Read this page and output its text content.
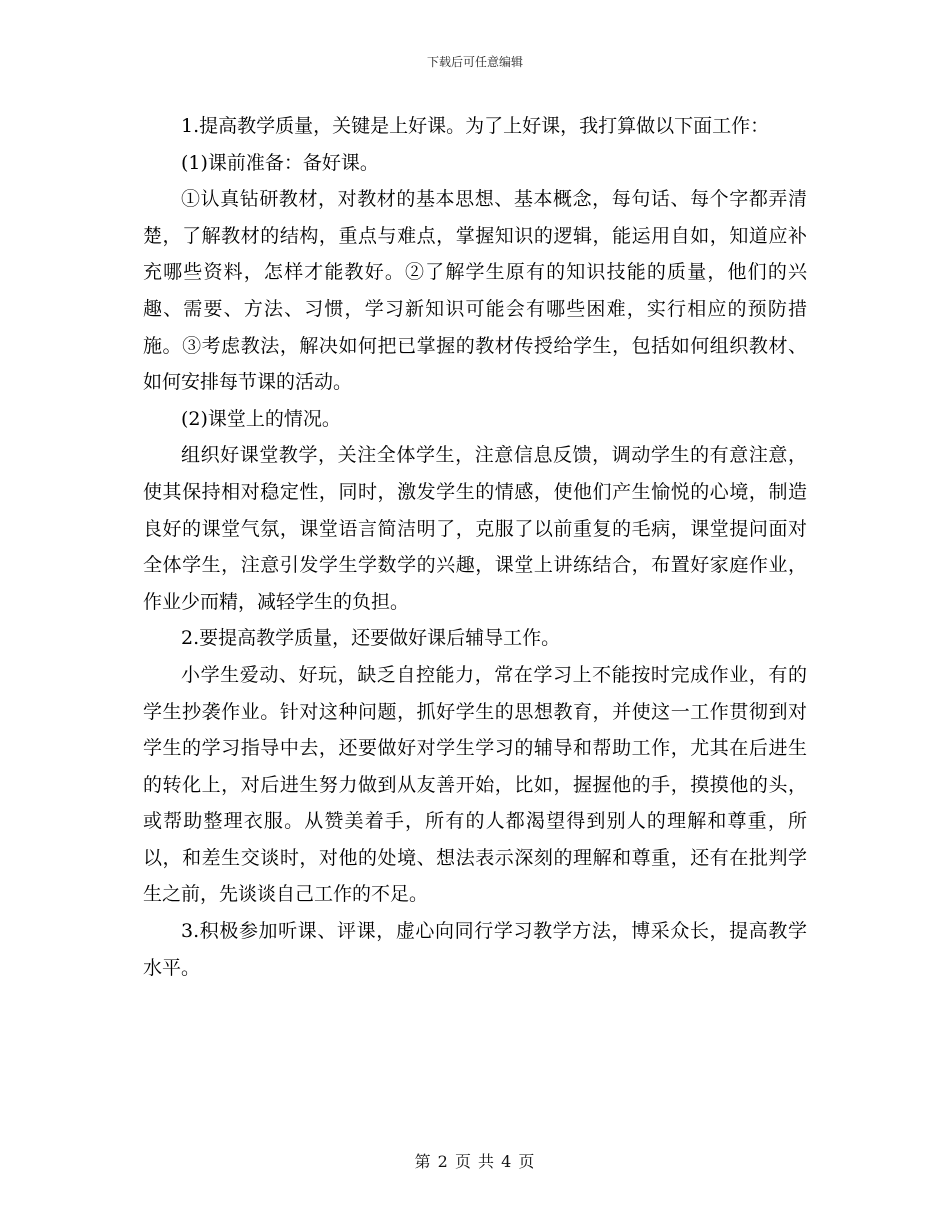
下载后可任意编辑

1.提高教学质量，关键是上好课。为了上好课，我打算做以下面工作：

(1)课前准备：备好课。

①认真钻研教材，对教材的基本思想、基本概念，每句话、每个字都弄清楚，了解教材的结构，重点与难点，掌握知识的逻辑，能运用自如，知道应补充哪些资料，怎样才能教好。②了解学生原有的知识技能的质量，他们的兴趣、需要、方法、习惯，学习新知识可能会有哪些困难，实行相应的预防措施。③考虑教法，解决如何把已掌握的教材传授给学生，包括如何组织教材、如何安排每节课的活动。

(2)课堂上的情况。

组织好课堂教学，关注全体学生，注意信息反馈，调动学生的有意注意，使其保持相对稳定性，同时，激发学生的情感，使他们产生愉悦的心境，制造良好的课堂气氛，课堂语言简洁明了，克服了以前重复的毛病，课堂提问面对全体学生，注意引发学生学数学的兴趣，课堂上讲练结合，布置好家庭作业，作业少而精，减轻学生的负担。

2.要提高教学质量，还要做好课后辅导工作。

小学生爱动、好玩，缺乏自控能力，常在学习上不能按时完成作业，有的学生抄袭作业。针对这种问题，抓好学生的思想教育，并使这一工作贯彻到对学生的学习指导中去，还要做好对学生学习的辅导和帮助工作，尤其在后进生的转化上，对后进生努力做到从友善开始，比如，握握他的手，摸摸他的头，或帮助整理衣服。从赞美着手，所有的人都渴望得到别人的理解和尊重，所以，和差生交谈时，对他的处境、想法表示深刻的理解和尊重，还有在批判学生之前，先谈谈自己工作的不足。

3.积极参加听课、评课，虚心向同行学习教学方法，博采众长，提高教学水平。

第 2 页 共 4 页
